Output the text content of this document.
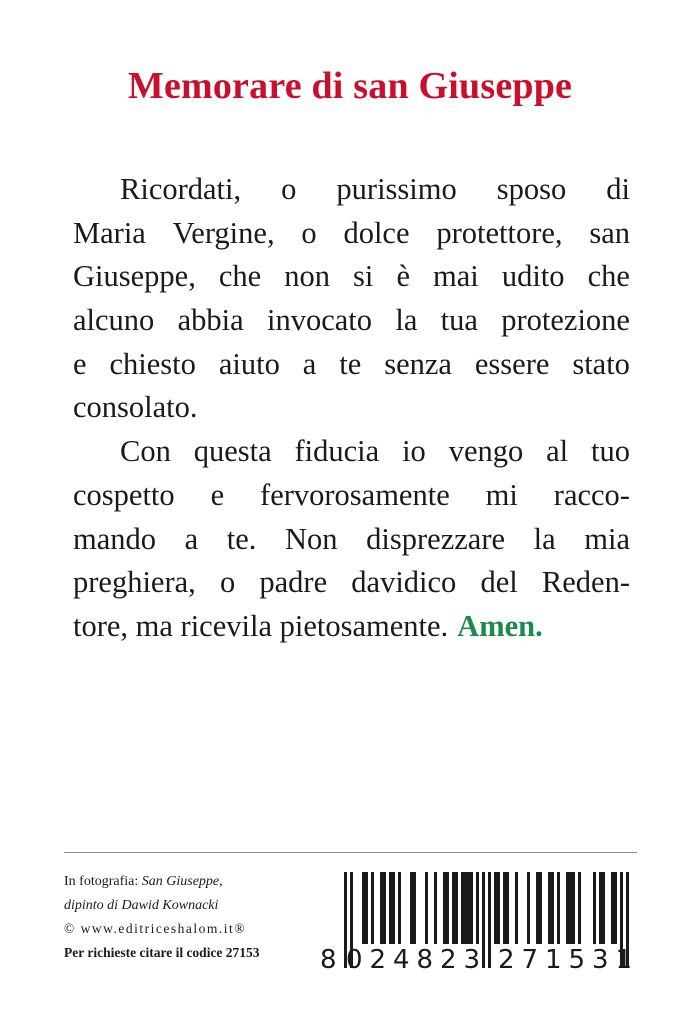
Memorare di san Giuseppe
Ricordati, o purissimo sposo di
Maria Vergine, o dolce protettore, san
Giuseppe, che non si è mai udito che
alcuno abbia invocato la tua protezione
e chiesto aiuto a te senza essere stato
consolato.
Con questa fiducia io vengo al tuo
cospetto e fervorosamente mi racco-
mando a te. Non disprezzare la mia
preghiera, o padre davidico del Reden-
tore, ma ricevila pietosamente. Amen.
In fotografia: San Giuseppe,
dipinto di Dawid Kownacki
© www.editriceshalom.it®
Per richieste citare il codice 27153	8 024823 271531
